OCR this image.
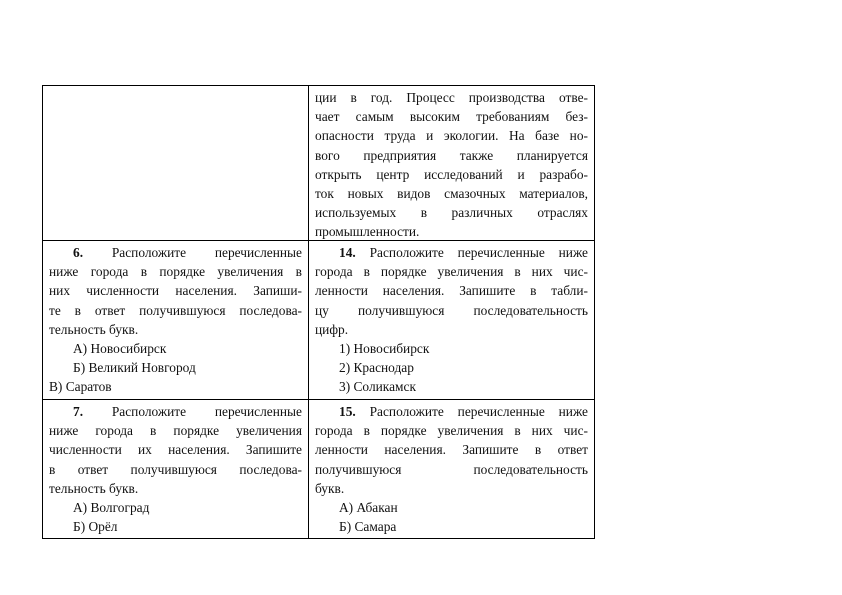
ции в год. Процесс производства отве-
чает самым высоким требованиям без-
опасности труда и экологии. На базе но-
вого предприятия также планируется
открыть центр исследований и разрабо-
ток новых видов смазочных материалов,
используемых в различных отраслях
промышленности.
6. Расположите перечисленные
ниже города в порядке увеличения в
них численности населения. Запиши-
те в ответ получившуюся последова-
тельность букв.
А) Новосибирск
Б) Великий Новгород
В) Саратов
14. Расположите перечисленные ниже
города в порядке увеличения в них чис-
ленности населения. Запишите в табли-
цу получившуюся последовательность
цифр.
1) Новосибирск
2) Краснодар
3) Соликамск
7. Расположите перечисленные
ниже города в порядке увеличения
численности их населения. Запишите
в ответ получившуюся последова-
тельность букв.
А) Волгоград
Б) Орёл
15. Расположите перечисленные ниже
города в порядке увеличения в них чис-
ленности населения. Запишите в ответ
получившуюся последовательность
букв.
А) Абакан
Б) Самара
